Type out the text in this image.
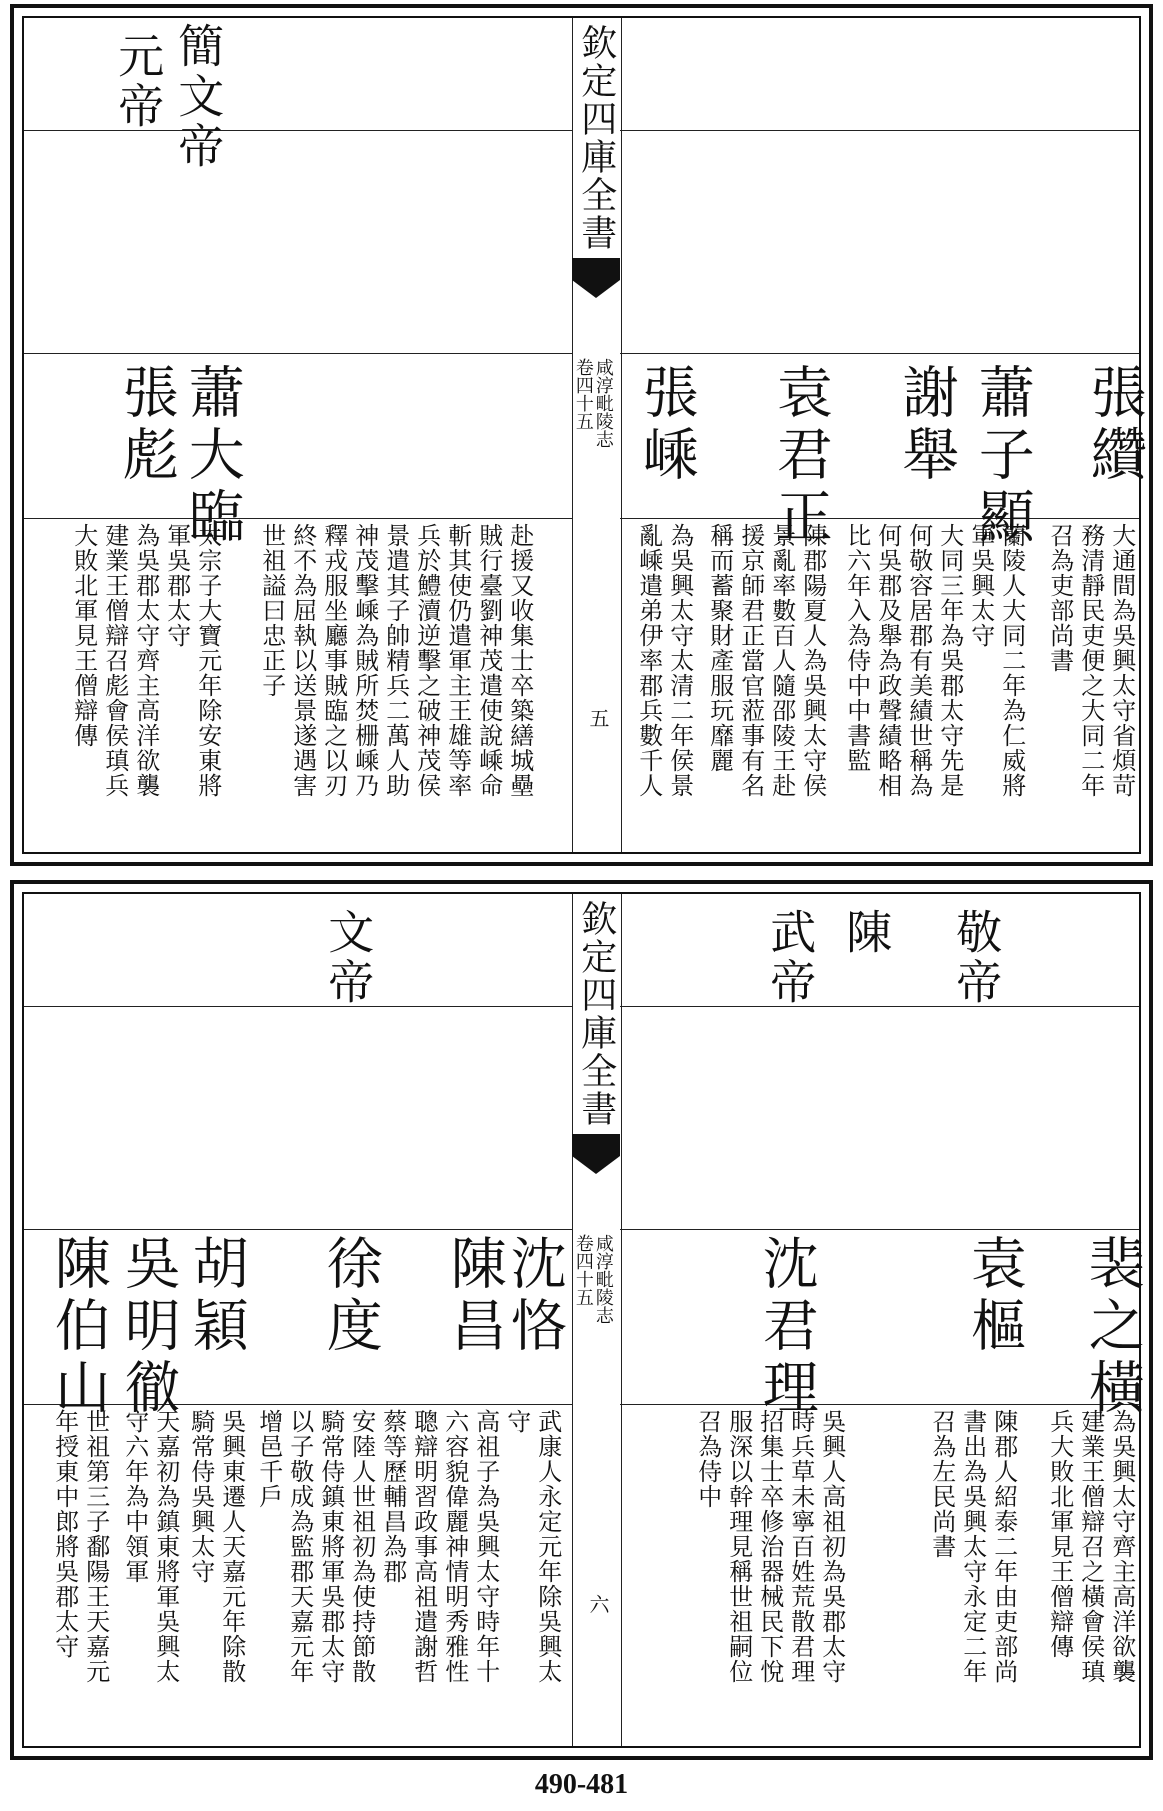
欽定四庫全書
咸淳毗陵志
卷四十五
五
簡文帝
元帝
蕭大臨
張彪
太宗子大寶元年除安東將
軍吳郡太守
為吳郡太守齊主高洋欲襲
建業王僧辯召彪會侯瑱兵
大敗北軍見王僧辯傳	世祖謚曰忠正子 終不為屈執以送景遂遇害 釋戎服坐廳事賊臨之以刃 神茂擊嵊為賊所焚栅嵊乃 景遣其子帥精兵二萬人助 兵於鱧瀆逆擊之破神茂侯 斬其使仍遣軍主王雄等率 賊行臺劉神茂遣使說嵊命 赴援又收集士卒築繕城壘
張纘
蕭子顯
謝舉
袁君正
張嵊
大通間為吳興太守省煩苛
務清靜民吏便之大同二年
召為吏部尚書
蘭陵人大同二年為仁威將
軍吳興太守
大同三年為吳郡太守先是
何敬容居郡有美績世稱為
何吳郡及舉為政聲績略相
比六年入為侍中中書監
陳郡陽夏人為吳興太守侯
景亂率數百人隨邵陵王赴
援京師君正當官蒞事有名
稱而蓄聚財產服玩靡麗
為吳興太守太清二年侯景
亂嵊遣弟伊率郡兵數千人
欽定四庫全書
咸淳毗陵志
卷四十五
六
文帝
沈恪
陳昌
徐度
胡穎
吳明徹
陳伯山
武康人永定元年除吳興太
守
高祖子為吳興太守時年十
六容貌偉麗神情明秀雅性
聰辯明習政事高祖遣謝哲
蔡等歷輔昌為郡
安陸人世祖初為使持節散
騎常侍鎮東將軍吳郡太守
以子敬成為監郡天嘉元年
增邑千戶
吳興東遷人天嘉元年除散
騎常侍吳興太守
天嘉初為鎮東將軍吳興太
守六年為中領軍
世祖第三子鄱陽王天嘉元
年授東中郎將吳郡太守
敬帝
陳
武帝
裴之橫
袁樞
沈君理
為吳興太守齊主高洋欲襲
建業王僧辯召之橫會侯瑱
兵大敗北軍見王僧辯傳
陳郡人紹泰二年由吏部尚
書出為吳興太守永定二年
召為左民尚書
吳興人高祖初為吳郡太守
時兵草未寧百姓荒散君理
招集士卒修治器械民下悅
服深以幹理見稱世祖嗣位
召為侍中
490-481
